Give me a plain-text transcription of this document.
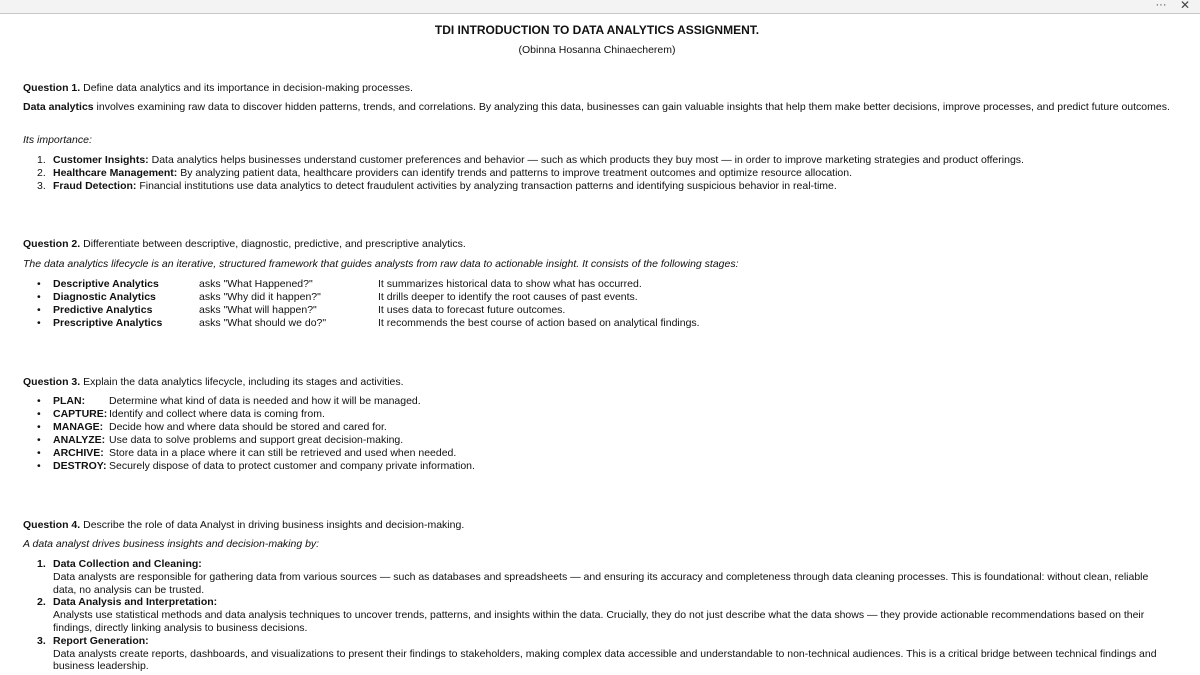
···	✕
TDI INTRODUCTION TO DATA ANALYTICS ASSIGNMENT.
(Obinna Hosanna Chinaecherem)
Question 1. Define data analytics and its importance in decision-making processes.
Data analytics involves examining raw data to discover hidden patterns, trends, and correlations. By analyzing this data, businesses can gain valuable insights that help them make better decisions, improve processes, and predict future outcomes.
Its importance:
1. Customer Insights: Data analytics helps businesses understand customer preferences and behavior — such as which products they buy most — in order to improve marketing strategies and product offerings.
2. Healthcare Management: By analyzing patient data, healthcare providers can identify trends and patterns to improve treatment outcomes and optimize resource allocation.
3. Fraud Detection: Financial institutions use data analytics to detect fraudulent activities by analyzing transaction patterns and identifying suspicious behavior in real-time.
Question 2. Differentiate between descriptive, diagnostic, predictive, and prescriptive analytics.
The data analytics lifecycle is an iterative, structured framework that guides analysts from raw data to actionable insight. It consists of the following stages:
• Descriptive Analytics	asks "What Happened?"	It summarizes historical data to show what has occurred.
• Diagnostic Analytics	asks "Why did it happen?"	It drills deeper to identify the root causes of past events.
• Predictive Analytics	asks "What will happen?"	It uses data to forecast future outcomes.
• Prescriptive Analytics	asks "What should we do?"	It recommends the best course of action based on analytical findings.
Question 3. Explain the data analytics lifecycle, including its stages and activities.
• PLAN: Determine what kind of data is needed and how it will be managed.
• CAPTURE: Identify and collect where data is coming from.
• MANAGE: Decide how and where data should be stored and cared for.
• ANALYZE: Use data to solve problems and support great decision-making.
• ARCHIVE: Store data in a place where it can still be retrieved and used when needed.
• DESTROY: Securely dispose of data to protect customer and company private information.
Question 4. Describe the role of data Analyst in driving business insights and decision-making.
A data analyst drives business insights and decision-making by:
1. Data Collection and Cleaning:
Data analysts are responsible for gathering data from various sources — such as databases and spreadsheets — and ensuring its accuracy and completeness through data cleaning processes. This is foundational: without clean, reliable data, no analysis can be trusted.
2. Data Analysis and Interpretation:
Analysts use statistical methods and data analysis techniques to uncover trends, patterns, and insights within the data. Crucially, they do not just describe what the data shows — they provide actionable recommendations based on their findings, directly linking analysis to business decisions.
3. Report Generation:
Data analysts create reports, dashboards, and visualizations to present their findings to stakeholders, making complex data accessible and understandable to non-technical audiences. This is a critical bridge between technical findings and business leadership.
